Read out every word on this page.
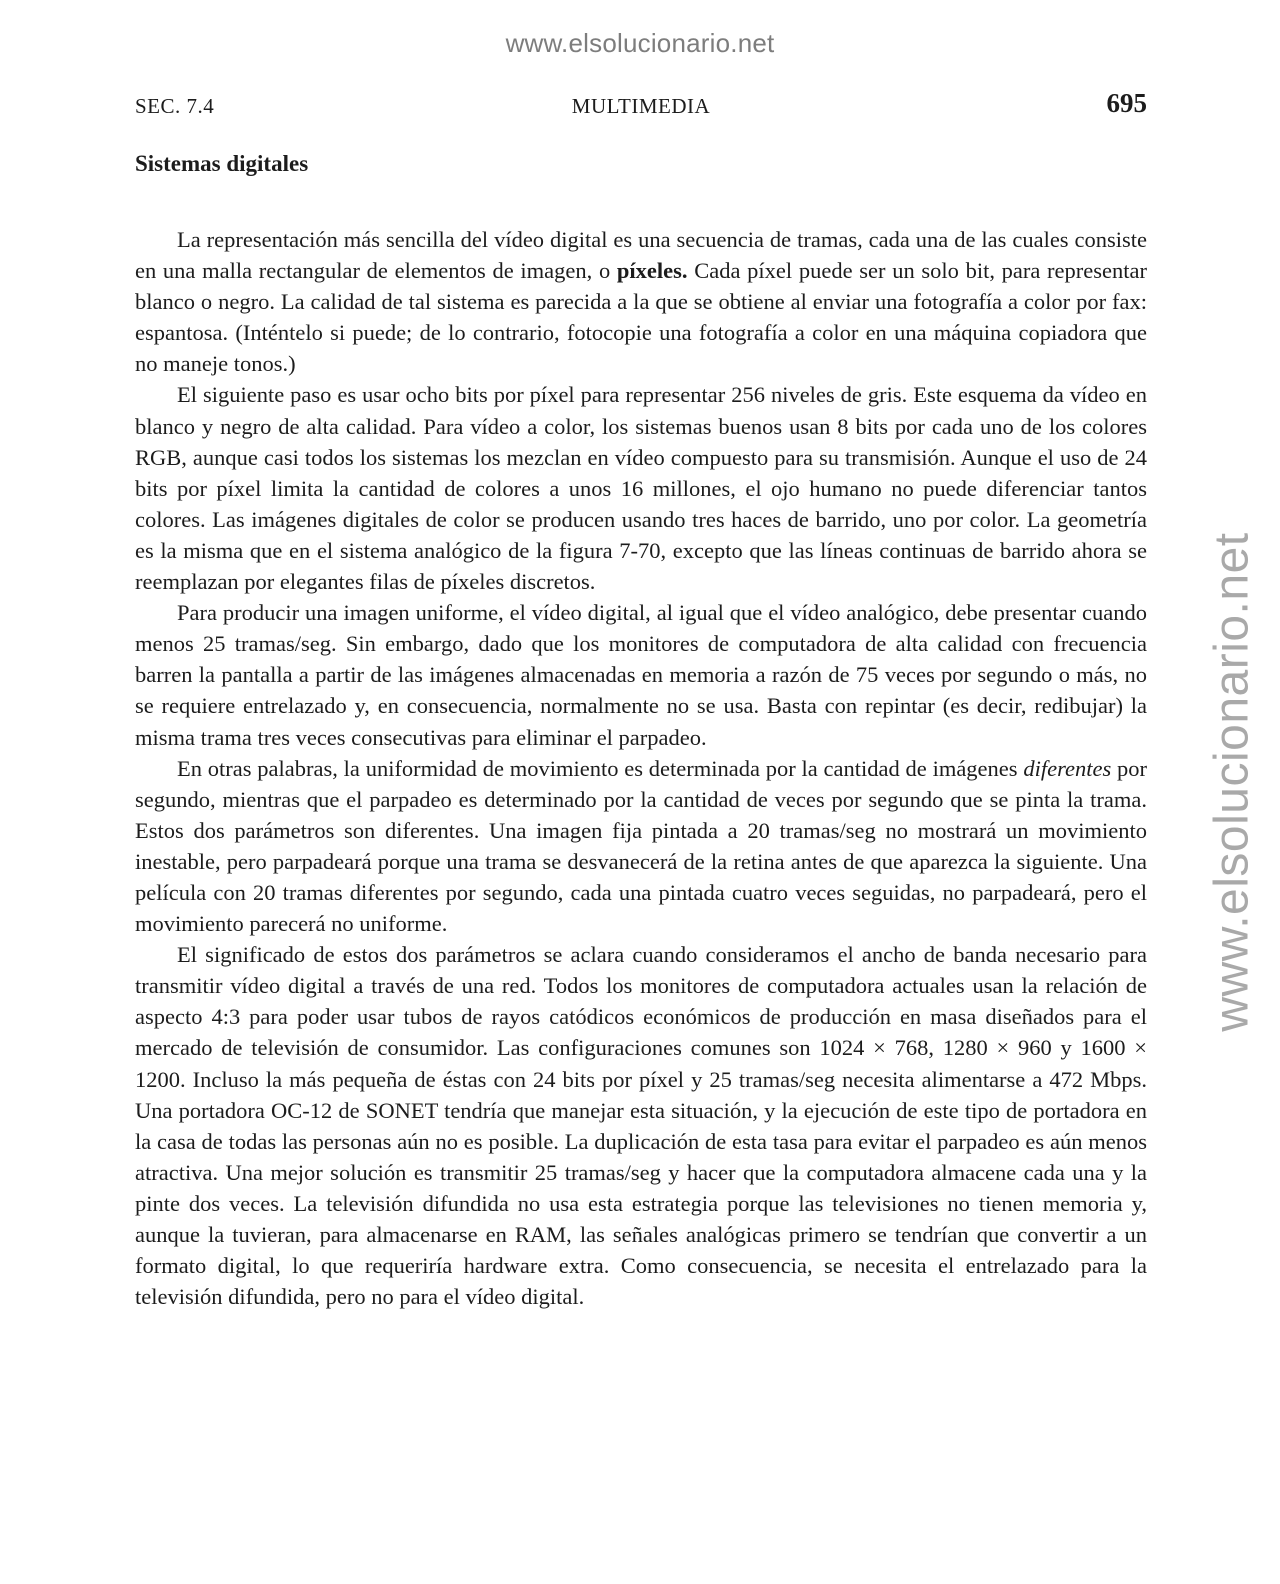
www.elsolucionario.net
www.elsolucionario.net
SEC. 7.4	MULTIMEDIA	695
Sistemas digitales

La representación más sencilla del vídeo digital es una secuencia de tramas, cada una de las cuales consiste en una malla rectangular de elementos de imagen, o píxeles. Cada píxel puede ser un solo bit, para representar blanco o negro. La calidad de tal sistema es parecida a la que se obtiene al enviar una fotografía a color por fax: espantosa. (Inténtelo si puede; de lo contrario, fotocopie una fotografía a color en una máquina copiadora que no maneje tonos.)

El siguiente paso es usar ocho bits por píxel para representar 256 niveles de gris. Este esquema da vídeo en blanco y negro de alta calidad. Para vídeo a color, los sistemas buenos usan 8 bits por cada uno de los colores RGB, aunque casi todos los sistemas los mezclan en vídeo compuesto para su transmisión. Aunque el uso de 24 bits por píxel limita la cantidad de colores a unos 16 millones, el ojo humano no puede diferenciar tantos colores. Las imágenes digitales de color se producen usando tres haces de barrido, uno por color. La geometría es la misma que en el sistema analógico de la figura 7-70, excepto que las líneas continuas de barrido ahora se reemplazan por elegantes filas de píxeles discretos.

Para producir una imagen uniforme, el vídeo digital, al igual que el vídeo analógico, debe presentar cuando menos 25 tramas/seg. Sin embargo, dado que los monitores de computadora de alta calidad con frecuencia barren la pantalla a partir de las imágenes almacenadas en memoria a razón de 75 veces por segundo o más, no se requiere entrelazado y, en consecuencia, normalmente no se usa. Basta con repintar (es decir, redibujar) la misma trama tres veces consecutivas para eliminar el parpadeo.

En otras palabras, la uniformidad de movimiento es determinada por la cantidad de imágenes diferentes por segundo, mientras que el parpadeo es determinado por la cantidad de veces por segundo que se pinta la trama. Estos dos parámetros son diferentes. Una imagen fija pintada a 20 tramas/seg no mostrará un movimiento inestable, pero parpadeará porque una trama se desvanecerá de la retina antes de que aparezca la siguiente. Una película con 20 tramas diferentes por segundo, cada una pintada cuatro veces seguidas, no parpadeará, pero el movimiento parecerá no uniforme.

El significado de estos dos parámetros se aclara cuando consideramos el ancho de banda necesario para transmitir vídeo digital a través de una red. Todos los monitores de computadora actuales usan la relación de aspecto 4:3 para poder usar tubos de rayos catódicos económicos de producción en masa diseñados para el mercado de televisión de consumidor. Las configuraciones comunes son 1024 × 768, 1280 × 960 y 1600 × 1200. Incluso la más pequeña de éstas con 24 bits por píxel y 25 tramas/seg necesita alimentarse a 472 Mbps. Una portadora OC-12 de SONET tendría que manejar esta situación, y la ejecución de este tipo de portadora en la casa de todas las personas aún no es posible. La duplicación de esta tasa para evitar el parpadeo es aún menos atractiva. Una mejor solución es transmitir 25 tramas/seg y hacer que la computadora almacene cada una y la pinte dos veces. La televisión difundida no usa esta estrategia porque las televisiones no tienen memoria y, aunque la tuvieran, para almacenarse en RAM, las señales analógicas primero se tendrían que convertir a un formato digital, lo que requeriría hardware extra. Como consecuencia, se necesita el entrelazado para la televisión difundida, pero no para el vídeo digital.
